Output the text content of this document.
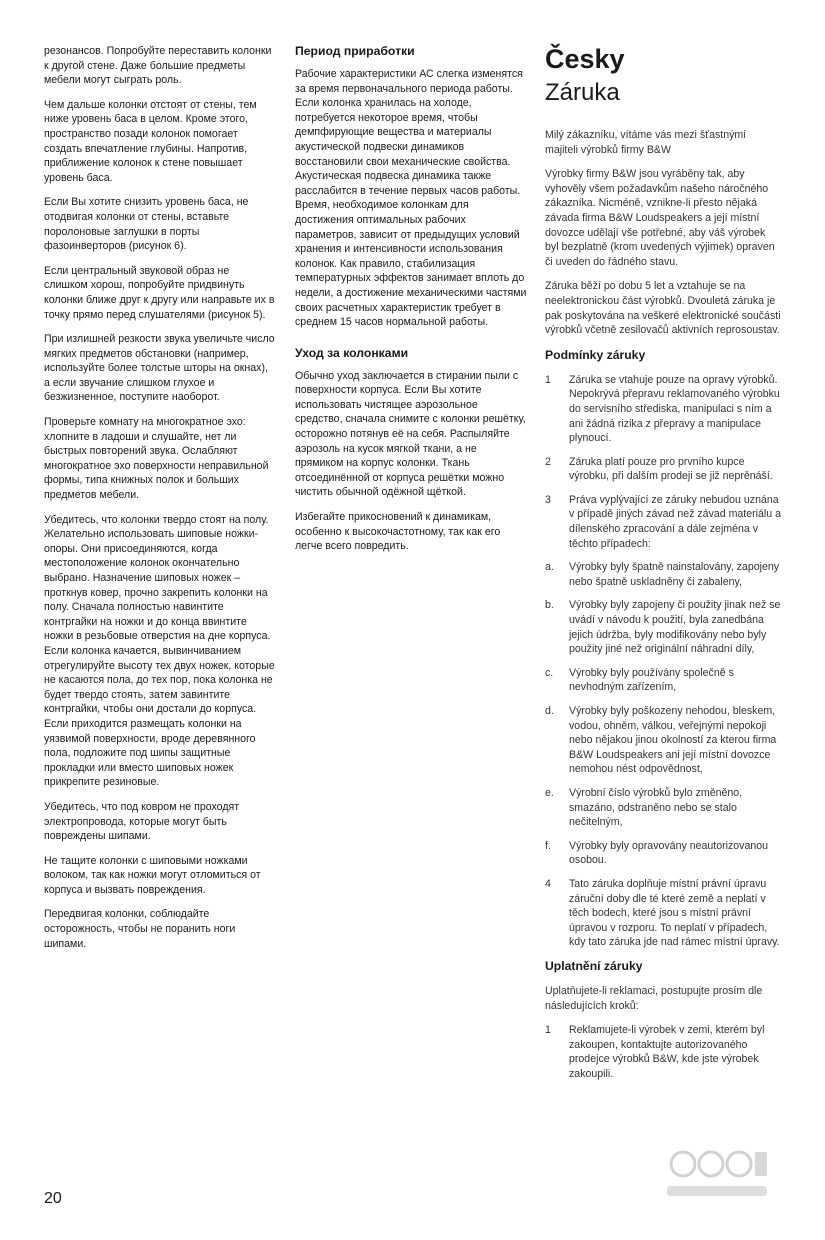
резонансов. Попробуйте переставить колонки к другой стене. Даже большие предметы мебели могут сыграть роль.

Чем дальше колонки отстоят от стены, тем ниже уровень баса в целом. Кроме этого, пространство позади колонок помогает создать впечатление глубины. Напротив, приближение колонок к стене повышает уровень баса.

Если Вы хотите снизить уровень баса, не отодвигая колонки от стены, вставьте поролоновые заглушки в порты фазоинверторов (рисунок 6).

Если центральный звуковой образ не слишком хорош, попробуйте придвинуть колонки ближе друг к другу или направьте их в точку прямо перед слушателями (рисунок 5).

При излишней резкости звука увеличьте число мягких предметов обстановки (например, используйте более толстые шторы на окнах), а если звучание слишком глухое и безжизненное, поступите наоборот.

Проверьте комнату на многократное эхо: хлопните в ладоши и слушайте, нет ли быстрых повторений звука. Ослабляют многократное эхо поверхности неправильной формы, типа книжных полок и больших предметов мебели.

Убедитесь, что колонки твердо стоят на полу. Желательно использовать шиповые ножки-опоры. Они присоединяются, когда местоположение колонок окончательно выбрано. Назначение шиповых ножек – проткнув ковер, прочно закрепить колонки на полу. Сначала полностью навинтите контргайки на ножки и до конца ввинтите ножки в резьбовые отверстия на дне корпуса. Если колонка качается, вывинчиванием отрегулируйте высоту тех двух ножек, которые не касаются пола, до тех пор, пока колонка не будет твердо стоять, затем завинтите контргайки, чтобы они достали до корпуса. Если приходится размещать колонки на уязвимой поверхности, вроде деревянного пола, подложите под шипы защитные прокладки или вместо шиповых ножек прикрепите резиновые.

Убедитесь, что под ковром не проходят электропровода, которые могут быть повреждены шипами.

Не тащите колонки с шиповыми ножками волоком, так как ножки могут отломиться от корпуса и вызвать повреждения.

Передвигая колонки, соблюдайте осторожность, чтобы не поранить ноги шипами.

Период приработки

Рабочие характеристики АС слегка изменятся за время первоначального периода работы. Если колонка хранилась на холоде, потребуется некоторое время, чтобы демпфирующие вещества и материалы акустической подвески динамиков восстановили свои механические свойства. Акустическая подвеска динамика также расслабится в течение первых часов работы. Время, необходимое колонкам для достижения оптимальных рабочих параметров, зависит от предыдущих условий хранения и интенсивности использования колонок. Как правило, стабилизация температурных эффектов занимает вплоть до недели, а достижение механическими частями своих расчетных характеристик требует в среднем 15 часов нормальной работы.

Уход за колонками

Обычно уход заключается в стирании пыли с поверхности корпуса. Если Вы хотите использовать чистящее аэрозольное средство, сначала снимите с колонки решётку, осторожно потянув её на себя. Распыляйте аэрозоль на кусок мягкой ткани, а не прямиком на корпус колонки. Ткань отсоединённой от корпуса решётки можно чистить обычной одёжной щёткой.

Избегайте прикосновений к динамикам, особенно к высокочастотному, так как его легче всего повредить.

Česky
Záruka

Milý zákazníku, vítáme vás mezi šťastnými majiteli výrobků firmy B&W

Výrobky firmy B&W jsou vyráběny tak, aby vyhověly všem požadavkům našeho náročného zákazníka. Nicméně, vznikne-li přesto nějaká závada firma B&W Loudspeakers a její místní dovozce udělají vše potřebné, aby váš výrobek byl bezplatně (krom uvedených výjimek) opraven či uveden do řádného stavu.

Záruka běží po dobu 5 let a vztahuje se na neelektronickou část výrobků. Dvouletá záruka je pak poskytována na veškeré elektronické součásti výrobků včetně zesilovačů aktivních reprosoustav.

Podmínky záruky
1	Záruka se vtahuje pouze na opravy výrobků. Nepokrývá přepravu reklamovaného výrobku do servisního střediska, manipulaci s ním a ani žádná rizika z přepravy a manipulace plynoucí.
2	Záruka platí pouze pro prvního kupce výrobku, při dalším prodeji se již neprěnáší.
3	Práva vyplývající ze záruky nebudou uznána v případě jiných závad než závad materiálu a dílenského zpracování a dále zejména v těchto případech:
a.	Výrobky byly špatně nainstalovány, zapojeny nebo špatně uskladněny či zabaleny,
b.	Výrobky byly zapojeny či použity jinak než se uvádí v návodu k použití, byla zanedbána jejich údržba, byly modifikovány nebo byly použity jiné než originální náhradní díly,
c.	Výrobky byly používány společně s nevhodným zařízením,
d.	Výrobky byly poškozeny nehodou, bleskem, vodou, ohněm, válkou, veřejnými nepokoji nebo nějakou jinou okolností za kterou firma B&W Loudspeakers ani její místní dovozce nemohou nést odpovědnost,
e.	Výrobní číslo výrobků bylo změněno, smazáno, odstraněno nebo se stalo nečitelným,
f.	Výrobky byly opravovány neautorizovanou osobou.
4	Tato záruka doplňuje místní právní úpravu záruční doby dle té které země a neplatí v těch bodech, které jsou s místní právní úpravou v rozporu. To neplatí v případech, kdy tato záruka jde nad rámec místní úpravy.
Uplatnění záruky

Uplatňujete-li reklamaci, postupujte prosím dle následujících kroků:

1	Reklamujete-li výrobek v zemi, kterém byl zakoupen, kontaktujte autorizovaného prodejce výrobků B&W, kde jste výrobek zakoupili.
20
